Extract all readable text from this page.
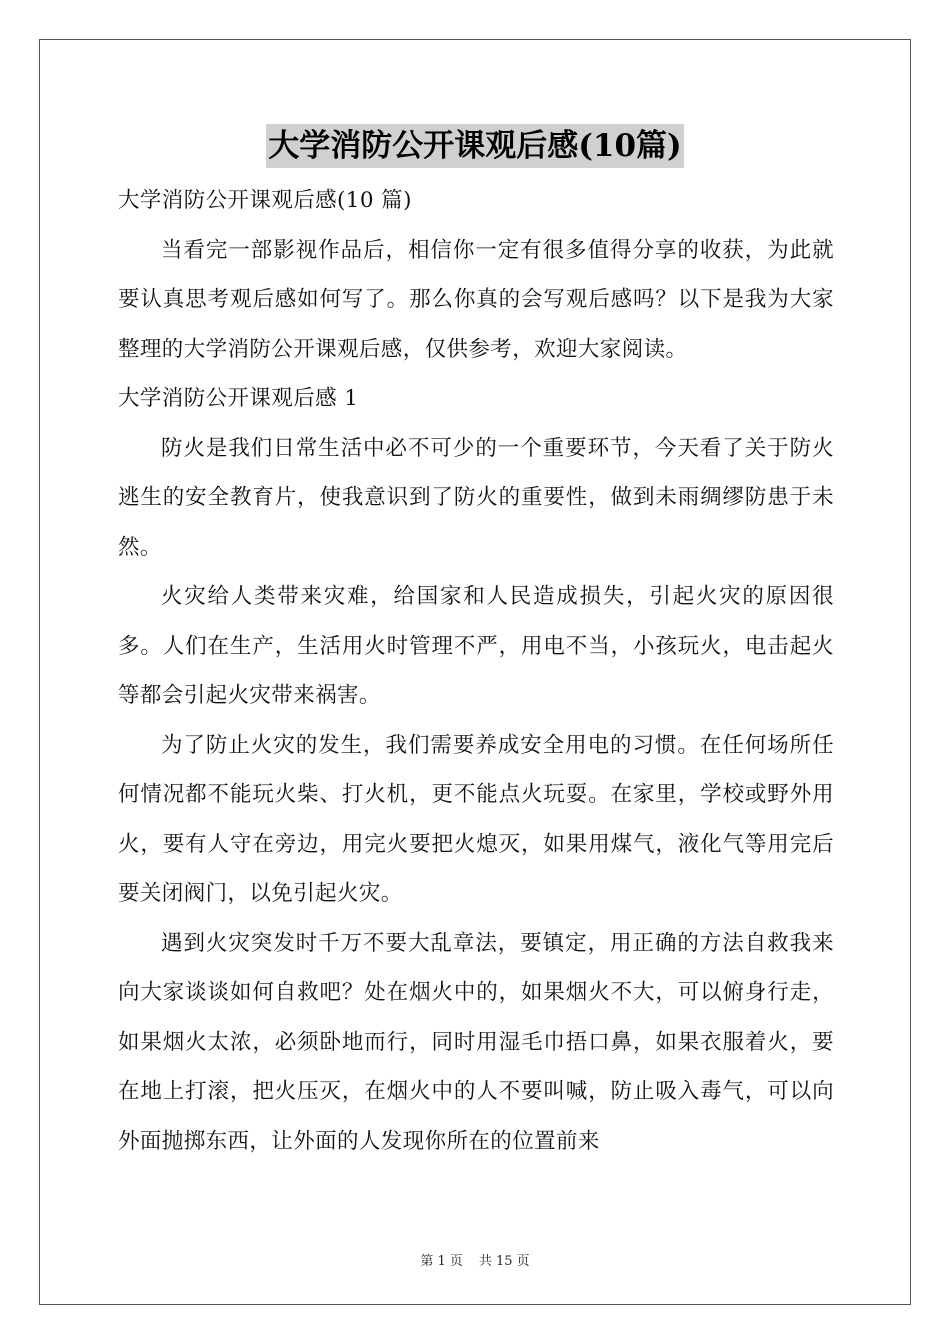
大学消防公开课观后感(10篇)

大学消防公开课观后感(10 篇)

当看完一部影视作品后，相信你一定有很多值得分享的收获，为此就要认真思考观后感如何写了。那么你真的会写观后感吗？以下是我为大家整理的大学消防公开课观后感，仅供参考，欢迎大家阅读。

大学消防公开课观后感 1

防火是我们日常生活中必不可少的一个重要环节，今天看了关于防火逃生的安全教育片，使我意识到了防火的重要性，做到未雨绸缪防患于未然。

火灾给人类带来灾难，给国家和人民造成损失，引起火灾的原因很多。人们在生产，生活用火时管理不严，用电不当，小孩玩火，电击起火等都会引起火灾带来祸害。

为了防止火灾的发生，我们需要养成安全用电的习惯。在任何场所任何情况都不能玩火柴、打火机，更不能点火玩耍。在家里，学校或野外用火，要有人守在旁边，用完火要把火熄灭，如果用煤气，液化气等用完后要关闭阀门，以免引起火灾。

遇到火灾突发时千万不要大乱章法，要镇定，用正确的方法自救我来向大家谈谈如何自救吧？处在烟火中的，如果烟火不大，可以俯身行走，如果烟火太浓，必须卧地而行，同时用湿毛巾捂口鼻，如果衣服着火，要在地上打滚，把火压灭，在烟火中的人不要叫喊，防止吸入毒气，可以向外面抛掷东西，让外面的人发现你所在的位置前来

第 1 页 共 15 页
